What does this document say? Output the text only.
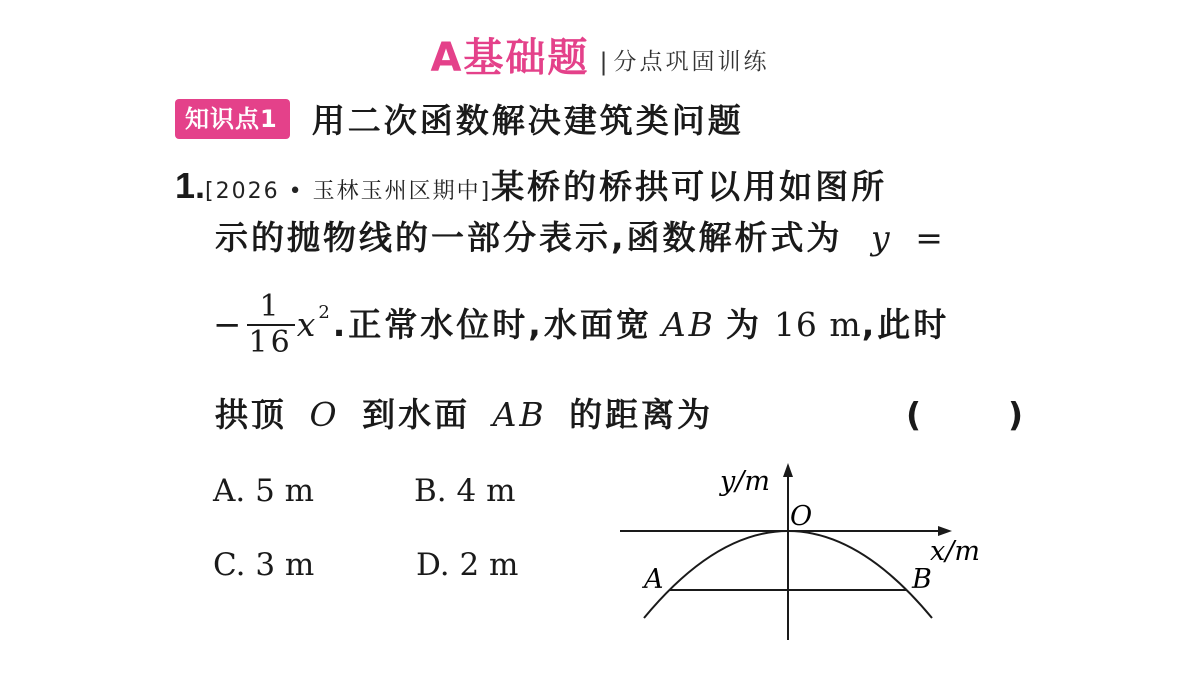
A基础题 | 分点巩固训练
知识点1	用二次函数解决建筑类问题
1.[2026 • 玉林玉州区期中]某桥的桥拱可以用如图所
示的抛物线的一部分表示,函数解析式为 y =
− $\frac{1}{16} x^2$ .正常水位时,水面宽 AB 为 16 m ,此时
拱顶 O 到水面 AB 的距离为	(	)
A. 5 m	B. 4 m
C. 3 m	D. 2 m
y/m
O
x/m
A	B
